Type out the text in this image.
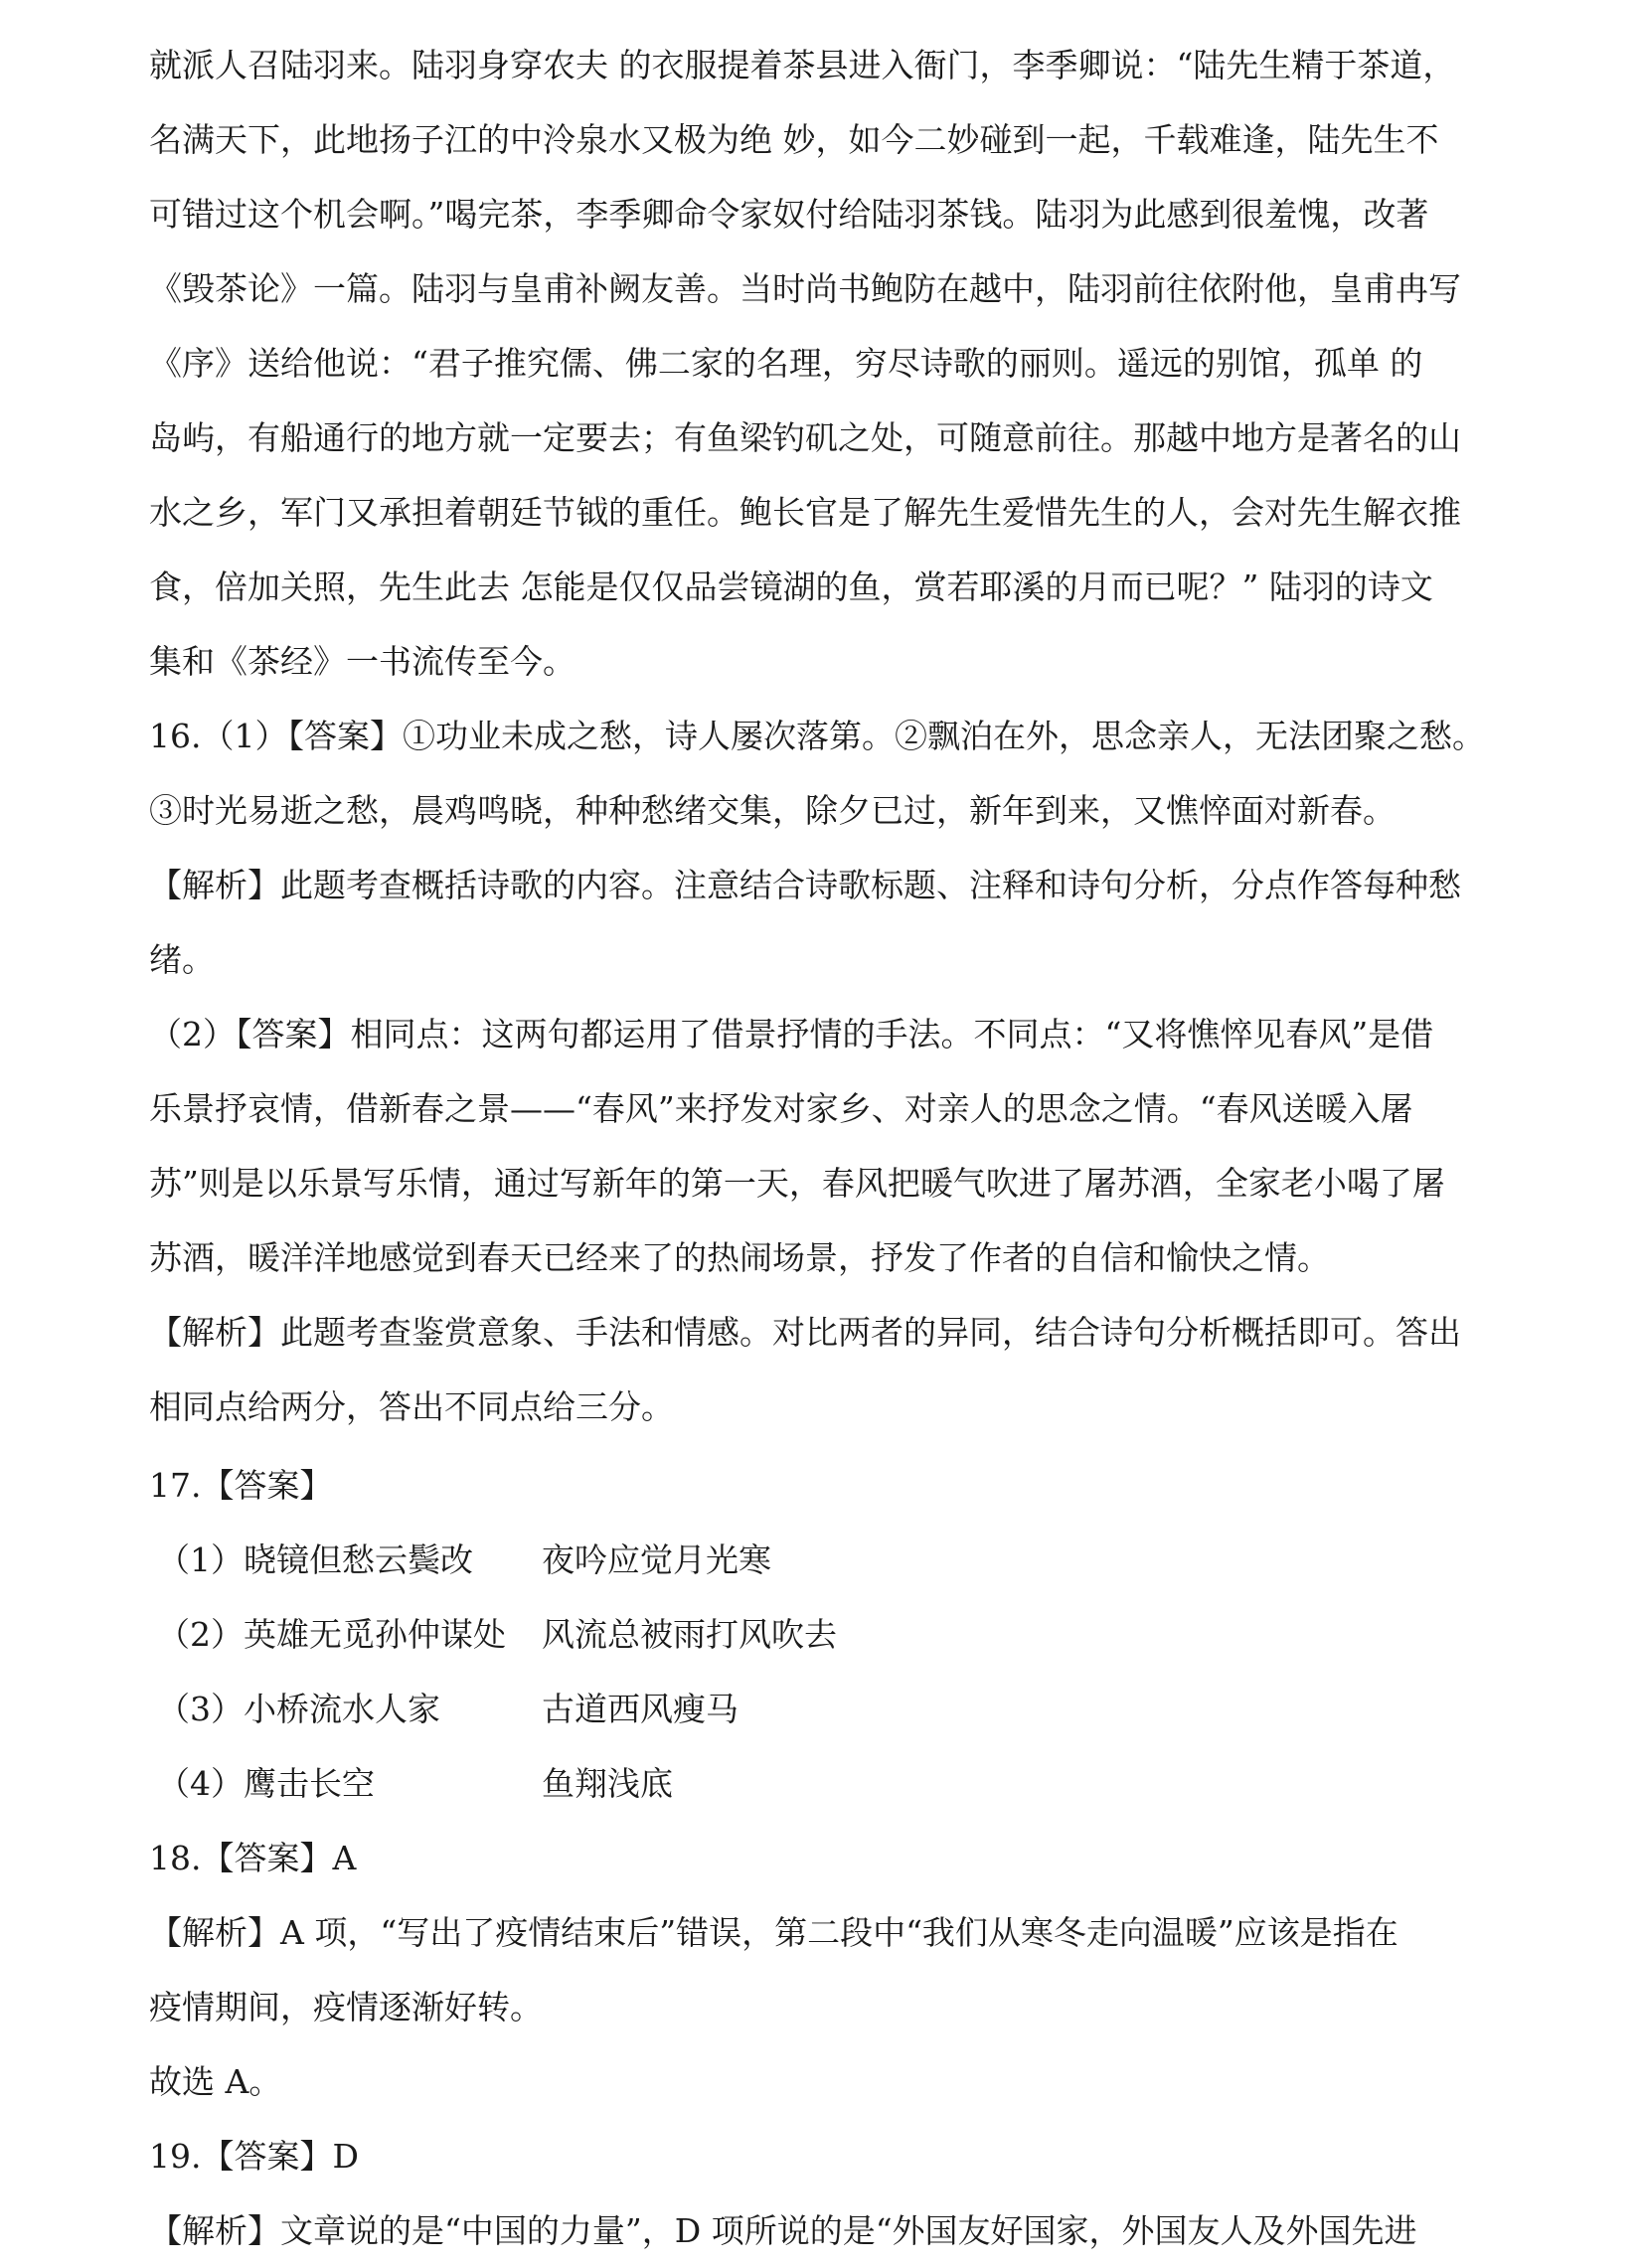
就派人召陆羽来。陆羽身穿农夫 的衣服提着茶县进入衙门，李季卿说：“陆先生精于茶道，

名满天下，此地扬子江的中泠泉水又极为绝 妙，如今二妙碰到一起，千载难逢，陆先生不

可错过这个机会啊。”喝完茶，李季卿命令家奴付给陆羽茶钱。陆羽为此感到很羞愧，改著

《毁茶论》一篇。陆羽与皇甫补阙友善。当时尚书鲍防在越中，陆羽前往依附他，皇甫冉写

《序》送给他说：“君子推究儒、佛二家的名理，穷尽诗歌的丽则。遥远的别馆，孤单 的

岛屿，有船通行的地方就一定要去；有鱼梁钓矶之处，可随意前往。那越中地方是著名的山

水之乡，军门又承担着朝廷节钺的重任。鲍长官是了解先生爱惜先生的人，会对先生解衣推

食，倍加关照，先生此去 怎能是仅仅品尝镜湖的鱼，赏若耶溪的月而已呢？” 陆羽的诗文

集和《茶经》一书流传至今。

16.（1）【答案】①功业未成之愁，诗人屡次落第。②飘泊在外，思念亲人，无法团聚之愁。

③时光易逝之愁，晨鸡鸣晓，种种愁绪交集，除夕已过，新年到来，又憔悴面对新春。

【解析】此题考查概括诗歌的内容。注意结合诗歌标题、注释和诗句分析，分点作答每种愁

绪。

（2）【答案】相同点：这两句都运用了借景抒情的手法。不同点：“又将憔悴见春风”是借

乐景抒哀情，借新春之景——“春风”来抒发对家乡、对亲人的思念之情。“春风送暖入屠

苏”则是以乐景写乐情，通过写新年的第一天，春风把暖气吹进了屠苏酒，全家老小喝了屠

苏酒，暖洋洋地感觉到春天已经来了的热闹场景，抒发了作者的自信和愉快之情。

【解析】此题考查鉴赏意象、手法和情感。对比两者的异同，结合诗句分析概括即可。答出

相同点给两分，答出不同点给三分。

17.【答案】

（1）晓镜但愁云鬓改	夜吟应觉月光寒
（2）英雄无觅孙仲谋处	风流总被雨打风吹去
（3）小桥流水人家	古道西风瘦马
（4）鹰击长空	鱼翔浅底

18.【答案】A

【解析】A 项，“写出了疫情结束后”错误，第二段中“我们从寒冬走向温暖”应该是指在

疫情期间，疫情逐渐好转。

故选 A。

19.【答案】D

【解析】文章说的是“中国的力量”，D 项所说的是“外国友好国家，外国友人及外国先进
